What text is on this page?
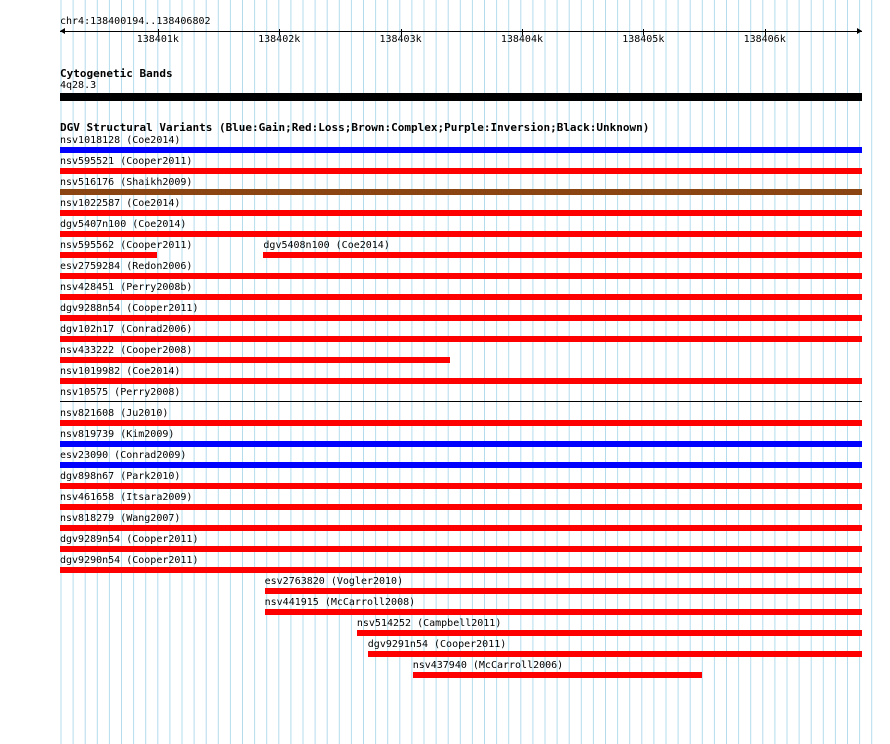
chr4:138400194..138406802
138401k	138402k	138403k	138404k	138405k	138406k
Cytogenetic Bands
4q28.3
DGV Structural Variants (Blue:Gain;Red:Loss;Brown:Complex;Purple:Inversion;Black:Unknown)
nsv1018128 (Coe2014)
nsv595521 (Cooper2011)
nsv516176 (Shaikh2009)
nsv1022587 (Coe2014)
dgv5407n100 (Coe2014)
nsv595562 (Cooper2011)	dgv5408n100 (Coe2014)
esv2759284 (Redon2006)
nsv428451 (Perry2008b)
dgv9288n54 (Cooper2011)
dgv102n17 (Conrad2006)
nsv433222 (Cooper2008)
nsv1019982 (Coe2014)
nsv10575 (Perry2008)
nsv821608 (Ju2010)
nsv819739 (Kim2009)
esv23090 (Conrad2009)
dgv898n67 (Park2010)
nsv461658 (Itsara2009)
nsv818279 (Wang2007)
dgv9289n54 (Cooper2011)
dgv9290n54 (Cooper2011)
esv2763820 (Vogler2010)
nsv441915 (McCarroll2008)
nsv514252 (Campbell2011)
dgv9291n54 (Cooper2011)
nsv437940 (McCarroll2006)
